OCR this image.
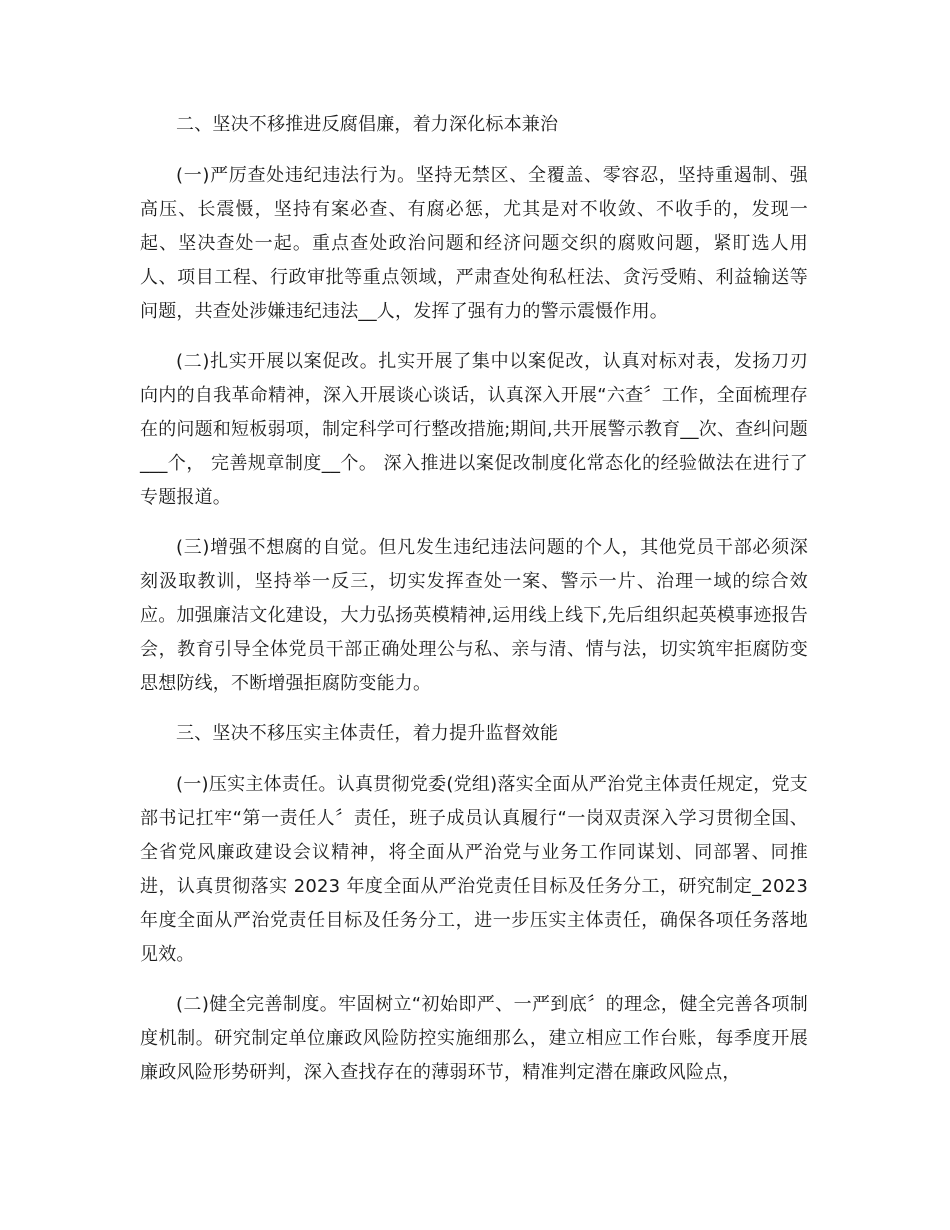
二、坚决不移推进反腐倡廉，着力深化标本兼治

(一)严厉查处违纪违法行为。坚持无禁区、全覆盖、零容忍，坚持重遏制、强高压、长震慑，坚持有案必查、有腐必惩，尤其是对不收敛、不收手的，发现一起、坚决查处一起。重点查处政治问题和经济问题交织的腐败问题，紧盯选人用人、项目工程、行政审批等重点领域，严肃查处徇私枉法、贪污受贿、利益输送等问题，共查处涉嫌违纪违法__人，发挥了强有力的警示震慑作用。

(二)扎实开展以案促改。扎实开展了集中以案促改，认真对标对表，发扬刀刃向内的自我革命精神，深入开展谈心谈话，认真深入开展“六查〞工作，全面梳理存在的问题和短板弱项，制定科学可行整改措施;期间,共开展警示教育__次、查纠问题___个， 完善规章制度__个。 深入推进以案促改制度化常态化的经验做法在进行了专题报道。

(三)增强不想腐的自觉。但凡发生违纪违法问题的个人，其他党员干部必须深刻汲取教训，坚持举一反三，切实发挥查处一案、警示一片、治理一域的综合效应。加强廉洁文化建设，大力弘扬英模精神,运用线上线下,先后组织起英模事迹报告会，教育引导全体党员干部正确处理公与私、亲与清、情与法，切实筑牢拒腐防变思想防线，不断增强拒腐防变能力。

三、坚决不移压实主体责任，着力提升监督效能

(一)压实主体责任。认真贯彻党委(党组)落实全面从严治党主体责任规定，党支部书记扛牢“第一责任人〞责任，班子成员认真履行“一岗双责深入学习贯彻全国、全省党风廉政建设会议精神，将全面从严治党与业务工作同谋划、同部署、同推进，认真贯彻落实 2023 年度全面从严治党责任目标及任务分工，研究制定_2023 年度全面从严治党责任目标及任务分工，进一步压实主体责任，确保各项任务落地见效。

(二)健全完善制度。牢固树立“初始即严、一严到底〞的理念，健全完善各项制度机制。研究制定单位廉政风险防控实施细那么，建立相应工作台账，每季度开展廉政风险形势研判，深入查找存在的薄弱环节，精准判定潜在廉政风险点，
